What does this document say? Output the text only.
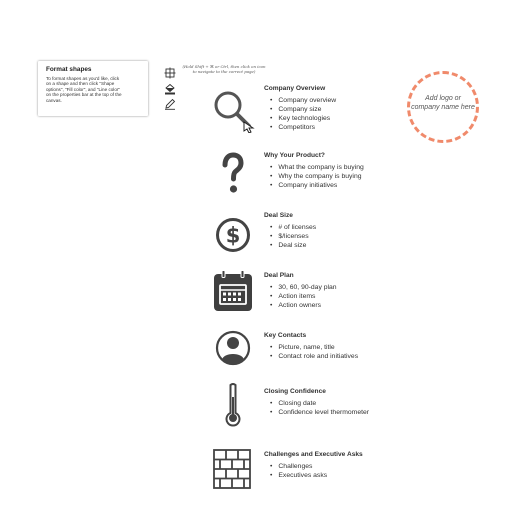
Format shapes
To format shapes as you'd like, click on a shape and then click "Shape options", "Fill color", and "Line color" on the properties bar at the top of the canvas.
(Hold Shift + ⌘ or Ctrl, then click on icon to navigate to the correct page)
Add logo or company name here
Company Overview
• Company overview
• Company size
• Key technologies
• Competitors
Why Your Product?
• What the company is buying
• Why the company is buying
• Company initiatives
$
Deal Size
• # of licenses
• $/licenses
• Deal size
Deal Plan
• 30, 60, 90-day plan
• Action items
• Action owners
Key Contacts
• Picture, name, title
• Contact role and initiatives
Closing Confidence
• Closing date
• Confidence level thermometer
Challenges and Executive Asks
• Challenges
• Executives asks
